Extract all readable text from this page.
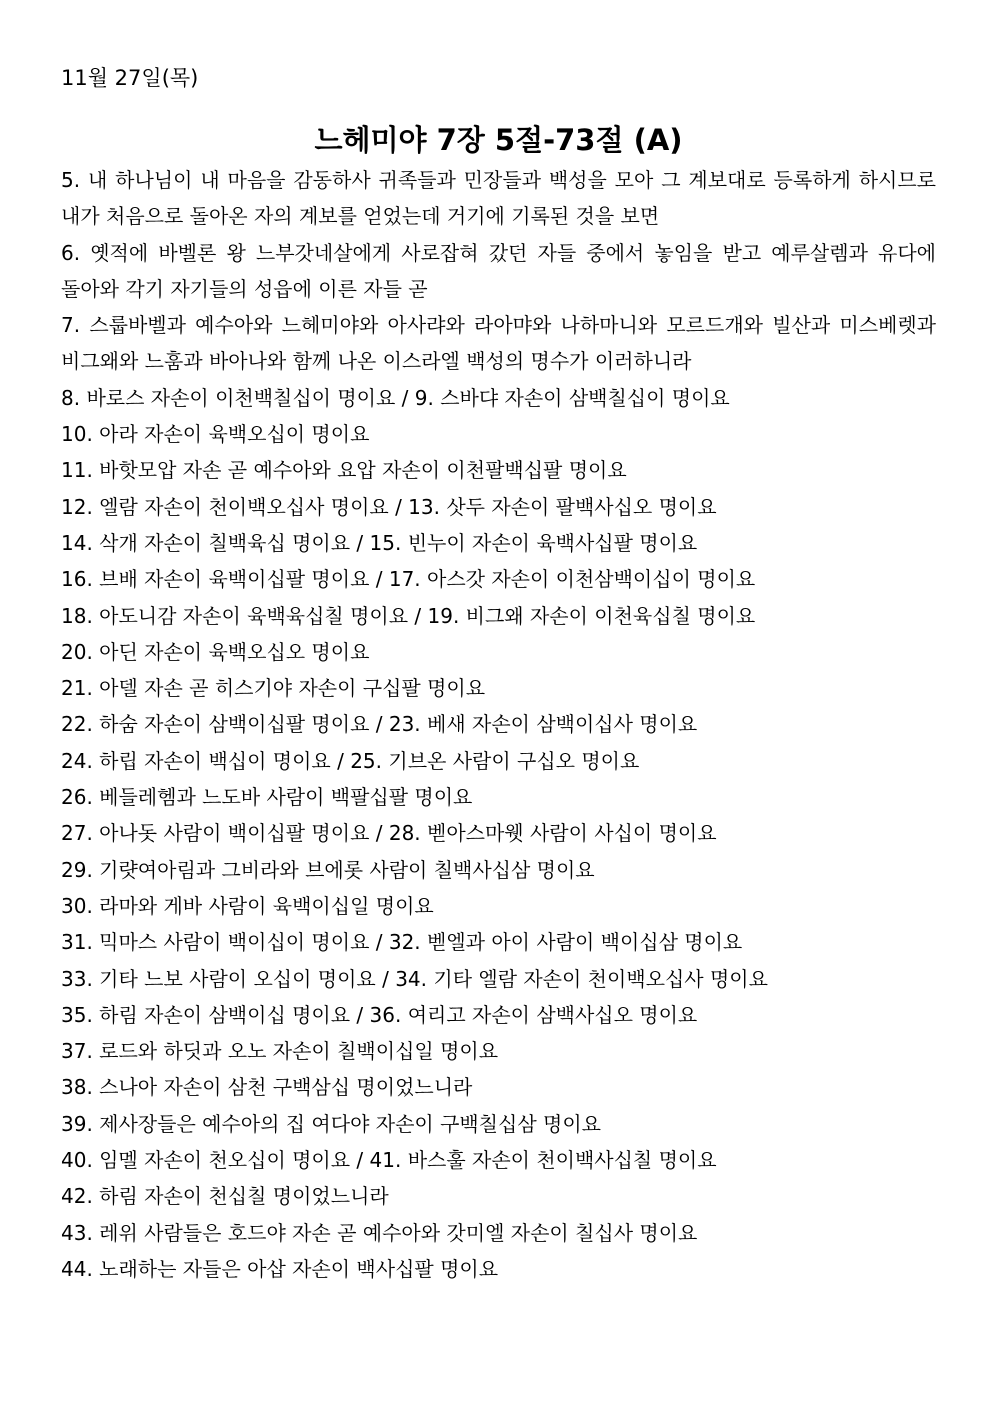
11월 27일(목)
느헤미야 7장 5절-73절 (A)
5. 내 하나님이 내 마음을 감동하사 귀족들과 민장들과 백성을 모아 그 계보대로 등록하게 하시므로 내가 처음으로 돌아온 자의 계보를 얻었는데 거기에 기록된 것을 보면
6. 옛적에 바벨론 왕 느부갓네살에게 사로잡혀 갔던 자들 중에서 놓임을 받고 예루살렘과 유다에 돌아와 각기 자기들의 성읍에 이른 자들 곧
7. 스룹바벨과 예수아와 느헤미야와 아사랴와 라아먀와 나하마니와 모르드개와 빌산과 미스베렛과 비그왜와 느훔과 바아나와 함께 나온 이스라엘 백성의 명수가 이러하니라
8. 바로스 자손이 이천백칠십이 명이요 / 9. 스바댜 자손이 삼백칠십이 명이요
10. 아라 자손이 육백오십이 명이요
11. 바핫모압 자손 곧 예수아와 요압 자손이 이천팔백십팔 명이요
12. 엘람 자손이 천이백오십사 명이요 / 13. 삿두 자손이 팔백사십오 명이요
14. 삭개 자손이 칠백육십 명이요 / 15. 빈누이 자손이 육백사십팔 명이요
16. 브배 자손이 육백이십팔 명이요 / 17. 아스갓 자손이 이천삼백이십이 명이요
18. 아도니감 자손이 육백육십칠 명이요 / 19. 비그왜 자손이 이천육십칠 명이요
20. 아딘 자손이 육백오십오 명이요
21. 아델 자손 곧 히스기야 자손이 구십팔 명이요
22. 하숨 자손이 삼백이십팔 명이요 / 23. 베새 자손이 삼백이십사 명이요
24. 하립 자손이 백십이 명이요 / 25. 기브온 사람이 구십오 명이요
26. 베들레헴과 느도바 사람이 백팔십팔 명이요
27. 아나돗 사람이 백이십팔 명이요 / 28. 벧아스마웻 사람이 사십이 명이요
29. 기럇여아림과 그비라와 브에롯 사람이 칠백사십삼 명이요
30. 라마와 게바 사람이 육백이십일 명이요
31. 믹마스 사람이 백이십이 명이요 / 32. 벧엘과 아이 사람이 백이십삼 명이요
33. 기타 느보 사람이 오십이 명이요 / 34. 기타 엘람 자손이 천이백오십사 명이요
35. 하림 자손이 삼백이십 명이요 / 36. 여리고 자손이 삼백사십오 명이요
37. 로드와 하딧과 오노 자손이 칠백이십일 명이요
38. 스나아 자손이 삼천 구백삼십 명이었느니라
39. 제사장들은 예수아의 집 여다야 자손이 구백칠십삼 명이요
40. 임멜 자손이 천오십이 명이요 / 41. 바스훌 자손이 천이백사십칠 명이요
42. 하림 자손이 천십칠 명이었느니라
43. 레위 사람들은 호드야 자손 곧 예수아와 갓미엘 자손이 칠십사 명이요
44. 노래하는 자들은 아삽 자손이 백사십팔 명이요
